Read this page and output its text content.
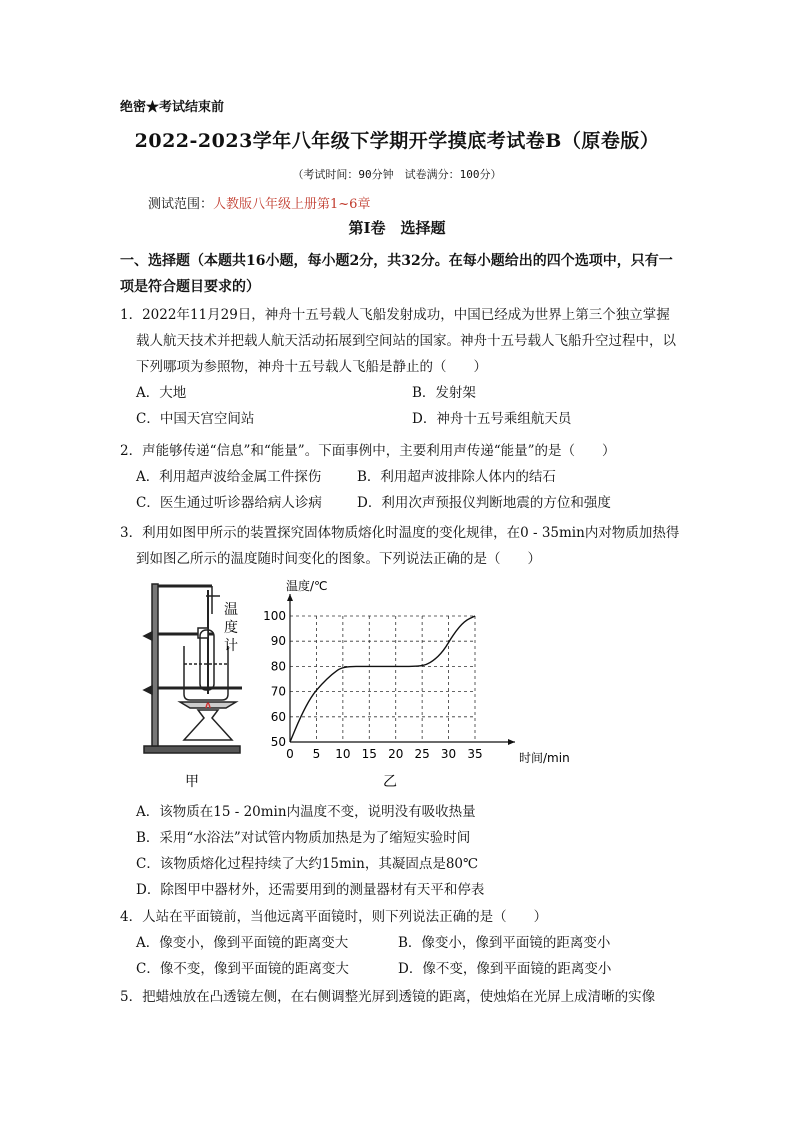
绝密★考试结束前
2022-2023学年八年级下学期开学摸底考试卷B（原卷版）
（考试时间：90分钟　试卷满分：100分）
测试范围：人教版八年级上册第1~6章
第Ⅰ卷　选择题
一、选择题（本题共16小题，每小题2分，共32分。在每小题给出的四个选项中，只有一项是符合题目要求的）
1．2022年11月29日，神舟十五号载人飞船发射成功，中国已经成为世界上第三个独立掌握载人航天技术并把载人航天活动拓展到空间站的国家。神舟十五号载人飞船升空过程中，以下列哪项为参照物，神舟十五号载人飞船是静止的（　　）
A．大地	B．发射架
C．中国天宫空间站	D．神舟十五号乘组航天员
2．声能够传递“信息”和“能量”。下面事例中，主要利用声传递“能量”的是（　　）
A．利用超声波给金属工件探伤	B．利用超声波排除人体内的结石
C．医生通过听诊器给病人诊病	D．利用次声预报仪判断地震的方位和强度
3．利用如图甲所示的装置探究固体物质熔化时温度的变化规律，在0 - 35min内对物质加热得到如图乙所示的温度随时间变化的图象。下列说法正确的是（　　）
温
度
计
甲
0 5 10 15 20 25 30 35
50
60
70
80
90
100
时间/min
温度/℃
乙
A．该物质在15 - 20min内温度不变，说明没有吸收热量
B．采用“水浴法”对试管内物质加热是为了缩短实验时间
C．该物质熔化过程持续了大约15min，其凝固点是80℃
D．除图甲中器材外，还需要用到的测量器材有天平和停表
4．人站在平面镜前，当他远离平面镜时，则下列说法正确的是（　　）
A．像变小，像到平面镜的距离变大	B．像变小，像到平面镜的距离变小
C．像不变，像到平面镜的距离变大	D．像不变，像到平面镜的距离变小
5．把蜡烛放在凸透镜左侧，在右侧调整光屏到透镜的距离，使烛焰在光屏上成清晰的实像
